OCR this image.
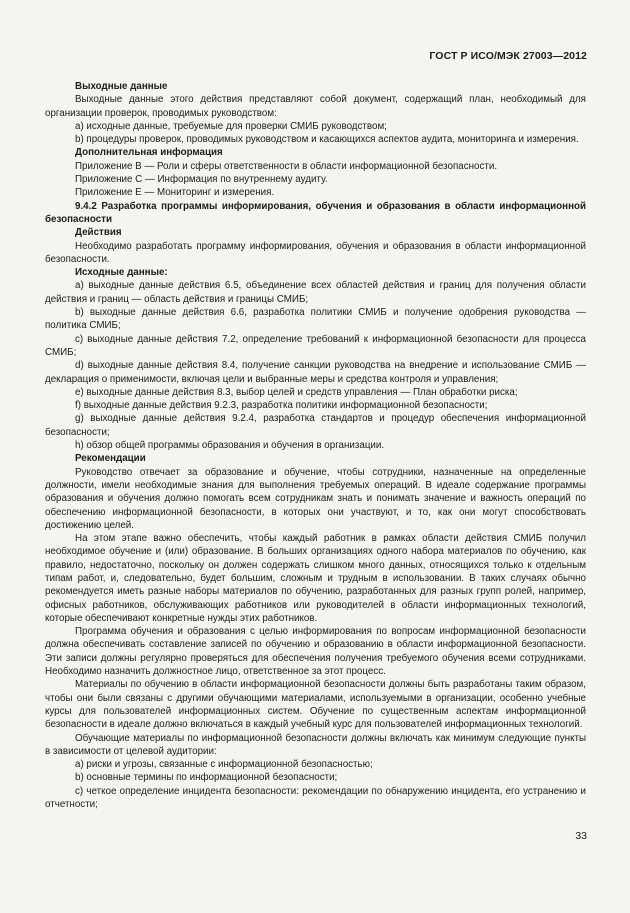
ГОСТ Р ИСО/МЭК 27003—2012
Выходные данные
Выходные данные этого действия представляют собой документ, содержащий план, необходимый для организации проверок, проводимых руководством:
а) исходные данные, требуемые для проверки СМИБ руководством;
b) процедуры проверок, проводимых руководством и касающихся аспектов аудита, мониторинга и измерения.
Дополнительная информация
Приложение В — Роли и сферы ответственности в области информационной безопасности.
Приложение С — Информация по внутреннему аудиту.
Приложение Е — Мониторинг и измерения.
9.4.2 Разработка программы информирования, обучения и образования в области информационной безопасности
Действия
Необходимо разработать программу информирования, обучения и образования в области информационной безопасности.
Исходные данные:
а) выходные данные действия 6.5, объединение всех областей действия и границ для получения области действия и границ — область действия и границы СМИБ;
b) выходные данные действия 6.6, разработка политики СМИБ и получение одобрения руководства — политика СМИБ;
с) выходные данные действия 7.2, определение требований к информационной безопасности для процесса СМИБ;
d) выходные данные действия 8.4, получение санкции руководства на внедрение и использование СМИБ — декларация о применимости, включая цели и выбранные меры и средства контроля и управления;
е) выходные данные действия 8.3, выбор целей и средств управления — План обработки риска;
f) выходные данные действия 9.2.3, разработка политики информационной безопасности;
g) выходные данные действия 9.2.4, разработка стандартов и процедур обеспечения информационной безопасности;
h) обзор общей программы образования и обучения в организации.
Рекомендации
Руководство отвечает за образование и обучение, чтобы сотрудники, назначенные на определенные должности, имели необходимые знания для выполнения требуемых операций. В идеале содержание программы образования и обучения должно помогать всем сотрудникам знать и понимать значение и важность операций по обеспечению информационной безопасности, в которых они участвуют, и то, как они могут способствовать достижению целей.
На этом этапе важно обеспечить, чтобы каждый работник в рамках области действия СМИБ получил необходимое обучение и (или) образование. В больших организациях одного набора материалов по обучению, как правило, недостаточно, поскольку он должен содержать слишком много данных, относящихся только к отдельным типам работ, и, следовательно, будет большим, сложным и трудным в использовании. В таких случаях обычно рекомендуется иметь разные наборы материалов по обучению, разработанных для разных групп ролей, например, офисных работников, обслуживающих работников или руководителей в области информационных технологий, которые обеспечивают конкретные нужды этих работников.
Программа обучения и образования с целью информирования по вопросам информационной безопасности должна обеспечивать составление записей по обучению и образованию в области информационной безопасности. Эти записи должны регулярно проверяться для обеспечения получения требуемого обучения всеми сотрудниками. Необходимо назначить должностное лицо, ответственное за этот процесс.
Материалы по обучению в области информационной безопасности должны быть разработаны таким образом, чтобы они были связаны с другими обучающими материалами, используемыми в организации, особенно учебные курсы для пользователей информационных систем. Обучение по существенным аспектам информационной безопасности в идеале должно включаться в каждый учебный курс для пользователей информационных технологий.
Обучающие материалы по информационной безопасности должны включать как минимум следующие пункты в зависимости от целевой аудитории:
а) риски и угрозы, связанные с информационной безопасностью;
b) основные термины по информационной безопасности;
с) четкое определение инцидента безопасности: рекомендации по обнаружению инцидента, его устранению и отчетности;
33
